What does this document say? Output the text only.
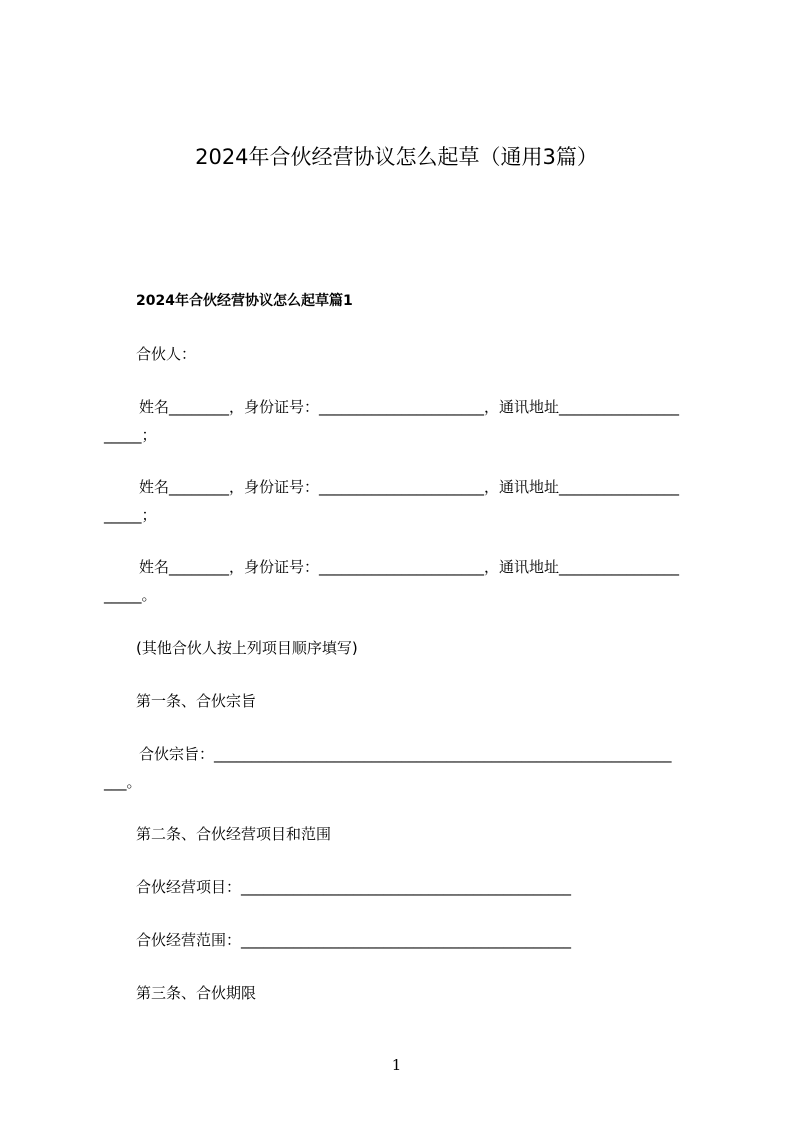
2024年合伙经营协议怎么起草（通用3篇）
2024年合伙经营协议怎么起草篇1
合伙人：
姓名________，身份证号：______________________，通讯地址________________
_____；
姓名________，身份证号：______________________，通讯地址________________
_____；
姓名________，身份证号：______________________，通讯地址________________
_____。
(其他合伙人按上列项目顺序填写)
第一条、合伙宗旨
合伙宗旨：_____________________________________________________________
___。
第二条、合伙经营项目和范围
合伙经营项目：____________________________________________
合伙经营范围：____________________________________________
第三条、合伙期限
1
